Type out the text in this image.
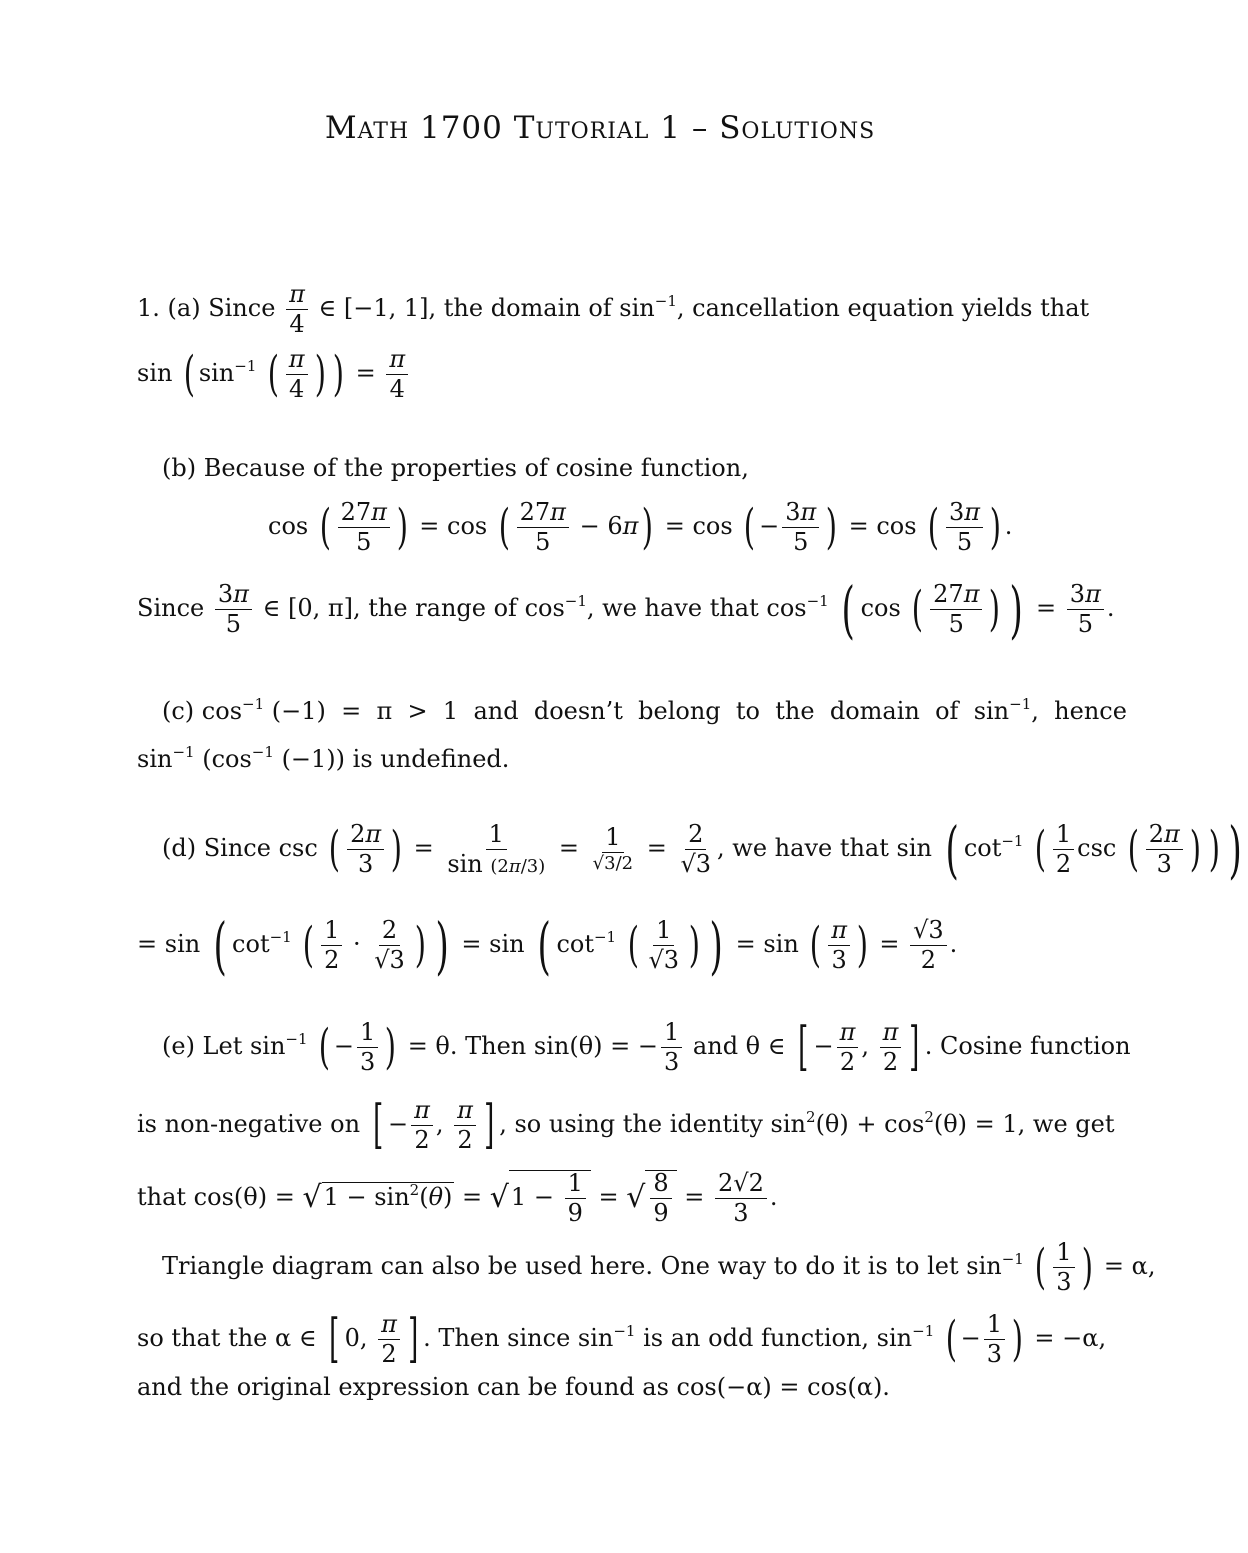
Math 1700 Tutorial 1 – Solutions
1. (a) Since $\frac{\pi}{4}$ ∈ [−1, 1], the domain of $\sin^{-1}$, cancellation equation yields that
sin ( $\sin^{-1}$ ( $\frac{\pi}{4}$ ) ) = $\frac{\pi}{4}$
(b) Because of the properties of cosine function,
cos ( $\frac{27\pi}{5}$ ) = cos ( $\frac{27\pi}{5} - 6\pi) = \cos$ ( − $\frac{3\pi}{5}$ ) = cos ( $\frac{3\pi}{5}$ ) .
Since $\frac{3\pi}{5}$ ∈ [0, π], the range of $\cos^{-1}$, we have that $\cos^{-1}$ ( cos ( $\frac{27\pi}{5}$ ) ) = $\frac{3\pi}{5}$ .
(c) $\cos^{-1} (-1) = \pi > 1$  and  doesn’t  belong  to  the  domain  of  $\sin^{-1}$,  hence
$\sin^{-1} (\cos^{-1}$ (−1)) is undefined.
(d) Since csc ( $\frac{2\pi}{3}$ ) = $\frac{1}{\sin (2\pi/3)} = \frac{1}{√3/2} = \frac{2}{√3}$ , we have that sin ( $\cot^{-1}$ ( $\frac{1}{2}$ csc ( $\frac{2\pi}{3}$ ) ) )
= sin ( $\cot^{-1}$ ( $\frac{1}{2} \cdot \frac{2}{√3}$ ) ) = sin ( $\cot^{-1}$ ( $\frac{1}{√3}$ ) ) = sin ( $\frac{\pi}{3}$ ) = $\frac{√3}{2}$ .
(e) Let $\sin^{-1}$ ( − $\frac{1}{3}$ ) = θ. Then sin(θ) = − $\frac{1}{3}$ and θ ∈ [ − $\frac{\pi}{2}$ , $\frac{\pi}{2}$ ] . Cosine function
is non-negative on [ − $\frac{\pi}{2}$ , $\frac{\pi}{2}$ ] , so using the identity $\sin^2(\theta) + \cos^2(\theta) = 1$, we get
that $\cos(\theta) = √1 - \sin^2(\theta) = √1 - \frac{1}{9}$ = √ $\frac{8}{9} = \frac{2√2}{3}$ .
Triangle diagram can also be used here. One way to do it is to let $\sin^{-1}$ ( $\frac{1}{3}$ ) = α,
so that the α ∈ [ 0, $\frac{\pi}{2}$ ] . Then since $\sin^{-1}$ is an odd function, $\sin^{-1}$ ( − $\frac{1}{3}$ ) = −α,
and the original expression can be found as cos(−α) = cos(α).
